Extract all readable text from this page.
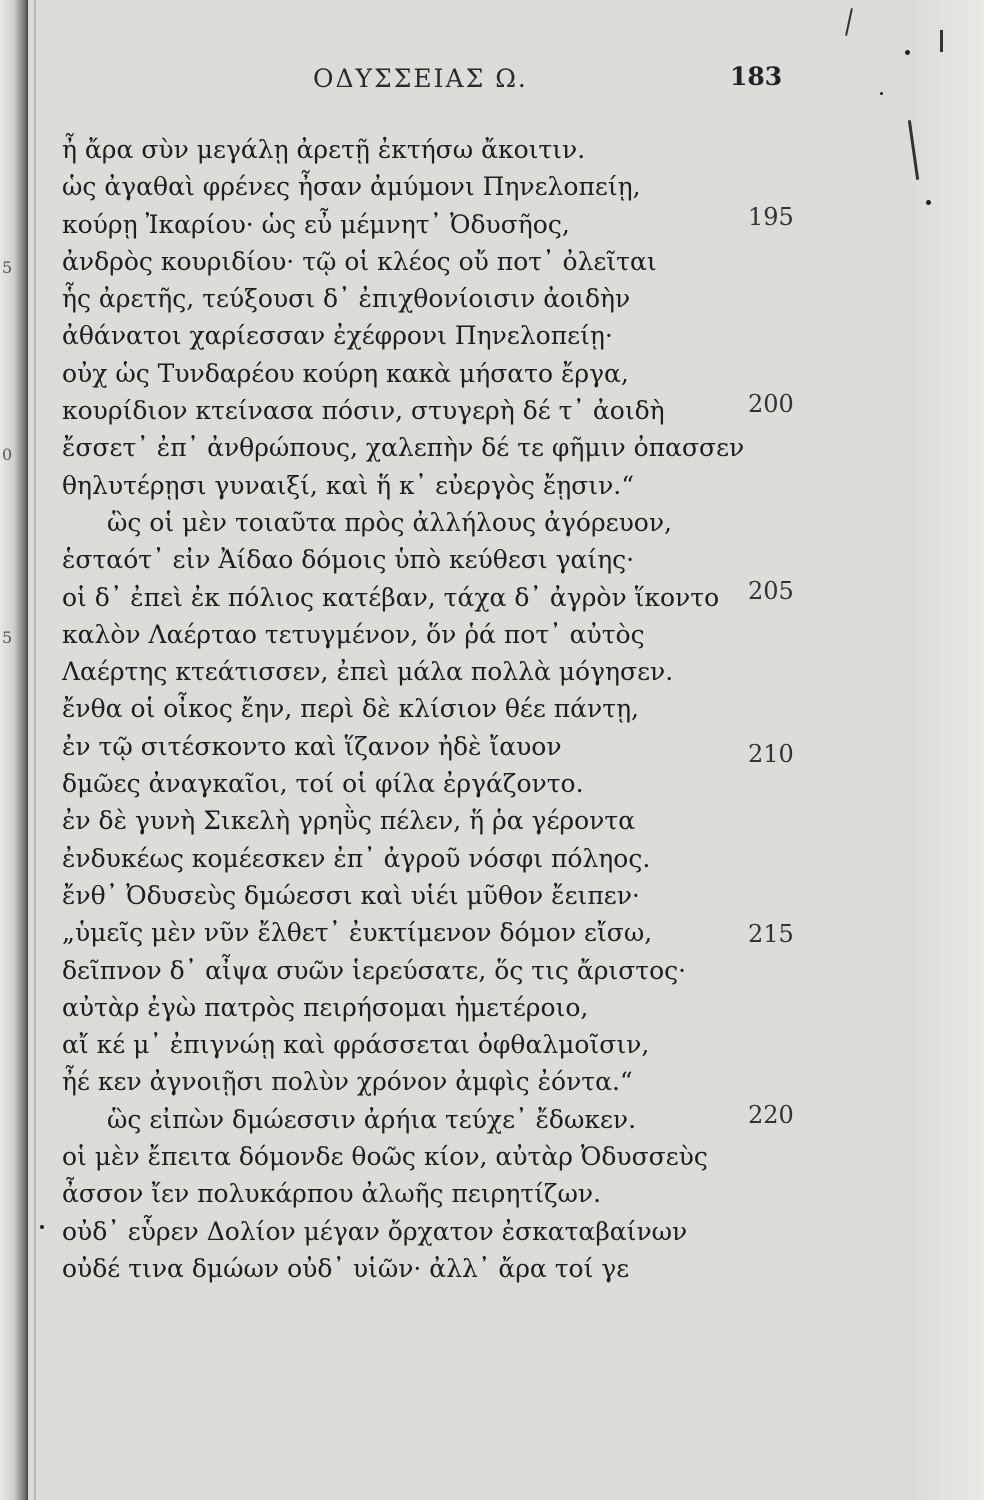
5
0
5
ΟΔΥΣΣΕΙΑΣ Ω.	183
ἦ ἄρα σὺν μεγάλῃ ἀρετῇ ἐκτήσω ἄκοιτιν.
ὡς ἀγαθαὶ φρένες ἦσαν ἀμύμονι Πηνελοπείῃ,
κούρῃ Ἰκαρίου· ὡς εὖ μέμνητ᾽ Ὀδυσῆος,
ἀνδρὸς κουριδίου· τῷ οἱ κλέος οὔ ποτ᾽ ὀλεῖται
ἧς ἀρετῆς, τεύξουσι δ᾽ ἐπιχθονίοισιν ἀοιδὴν
ἀθάνατοι χαρίεσσαν ἐχέφρονι Πηνελοπείῃ·
οὐχ ὡς Τυνδαρέου κούρη κακὰ μήσατο ἔργα,
κουρίδιον κτείνασα πόσιν, στυγερὴ δέ τ᾽ ἀοιδὴ
ἔσσετ᾽ ἐπ᾽ ἀνθρώπους, χαλεπὴν δέ τε φῆμιν ὀπασσεν
θηλυτέρῃσι γυναιξί, καὶ ἥ κ᾽ εὐεργὸς ἔῃσιν.“
ὣς οἱ μὲν τοιαῦτα πρὸς ἀλλήλους ἀγόρευον,
ἑσταότ᾽ εἰν Ἀίδαο δόμοις ὑπὸ κεύθεσι γαίης·
οἱ δ᾽ ἐπεὶ ἐκ πόλιος κατέβαν, τάχα δ᾽ ἀγρὸν ἵκοντο
καλὸν Λαέρταο τετυγμένον, ὅν ῥά ποτ᾽ αὐτὸς
Λαέρτης κτεάτισσεν, ἐπεὶ μάλα πολλὰ μόγησεν.
ἔνθα οἱ οἶκος ἔην, περὶ δὲ κλίσιον θέε πάντῃ,
ἐν τῷ σιτέσκοντο καὶ ἵζανον ἠδὲ ἴαυον
δμῶες ἀναγκαῖοι, τοί οἱ φίλα ἐργάζοντο.
ἐν δὲ γυνὴ Σικελὴ γρηῢς πέλεν, ἥ ῥα γέροντα
ἐνδυκέως κομέεσκεν ἐπ᾽ ἀγροῦ νόσφι πόληος.
ἔνθ᾽ Ὀδυσεὺς δμώεσσι καὶ υἱέι μῦθον ἔειπεν·
„ὑμεῖς μὲν νῦν ἔλθετ᾽ ἐυκτίμενον δόμον εἴσω,
δεῖπνον δ᾽ αἶψα συῶν ἱερεύσατε, ὅς τις ἄριστος·
αὐτὰρ ἐγὼ πατρὸς πειρήσομαι ἡμετέροιο,
αἴ κέ μ᾽ ἐπιγνώῃ καὶ φράσσεται ὀφθαλμοῖσιν,
ἦέ κεν ἀγνοιῇσι πολὺν χρόνον ἀμφὶς ἐόντα.“
ὣς εἰπὼν δμώεσσιν ἀρήια τεύχε᾽ ἔδωκεν.
οἱ μὲν ἔπειτα δόμονδε θοῶς κίον, αὐτὰρ Ὀδυσσεὺς
ἆσσον ἴεν πολυκάρπου ἀλωῆς πειρητίζων.
οὐδ᾽ εὗρεν Δολίον μέγαν ὄρχατον ἐσκαταβαίνων
οὐδέ τινα δμώων οὐδ᾽ υἱῶν· ἀλλ᾽ ἄρα τοί γε
195
200
205
210
215
220
